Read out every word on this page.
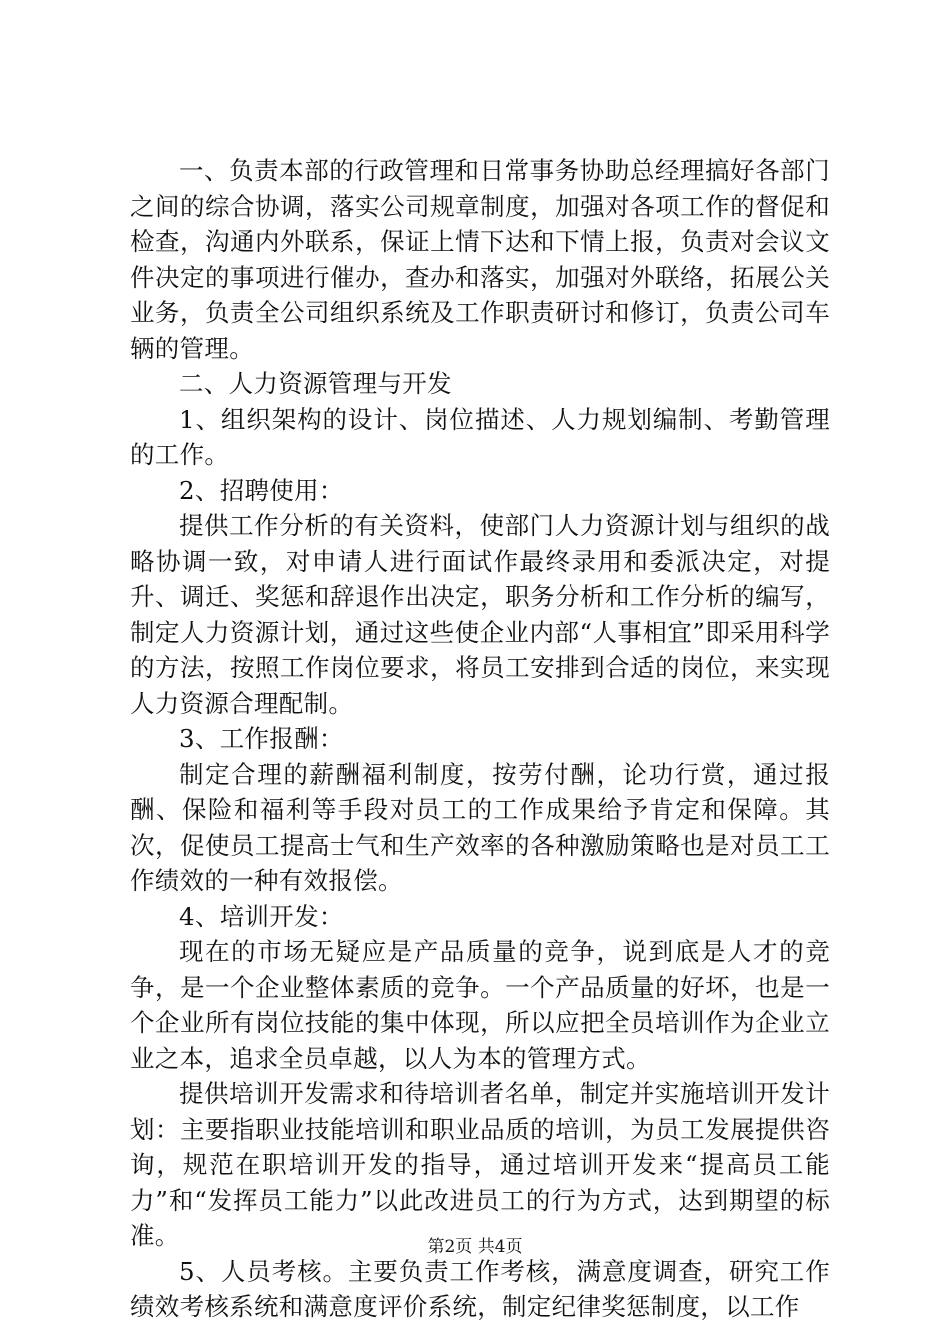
一、负责本部的行政管理和日常事务协助总经理搞好各部门之间的综合协调，落实公司规章制度，加强对各项工作的督促和检查，沟通内外联系，保证上情下达和下情上报，负责对会议文件决定的事项进行催办，查办和落实，加强对外联络，拓展公关业务，负责全公司组织系统及工作职责研讨和修订，负责公司车辆的管理。

二、人力资源管理与开发

1、组织架构的设计、岗位描述、人力规划编制、考勤管理的工作。

2、招聘使用：

提供工作分析的有关资料，使部门人力资源计划与组织的战略协调一致，对申请人进行面试作最终录用和委派决定，对提升、调迁、奖惩和辞退作出决定，职务分析和工作分析的编写，制定人力资源计划，通过这些使企业内部“人事相宜”即采用科学的方法，按照工作岗位要求，将员工安排到合适的岗位，来实现人力资源合理配制。

3、工作报酬：

制定合理的薪酬福利制度，按劳付酬，论功行赏，通过报酬、保险和福利等手段对员工的工作成果给予肯定和保障。其次，促使员工提高士气和生产效率的各种激励策略也是对员工工作绩效的一种有效报偿。

4、培训开发：

现在的市场无疑应是产品质量的竞争，说到底是人才的竞争，是一个企业整体素质的竞争。一个产品质量的好坏，也是一个企业所有岗位技能的集中体现，所以应把全员培训作为企业立业之本，追求全员卓越，以人为本的管理方式。

提供培训开发需求和待培训者名单，制定并实施培训开发计划：主要指职业技能培训和职业品质的培训，为员工发展提供咨询，规范在职培训开发的指导，通过培训开发来“提高员工能力”和“发挥员工能力”以此改进员工的行为方式，达到期望的标准。

5、人员考核。主要负责工作考核，满意度调查，研究工作绩效考核系统和满意度评价系统，制定纪律奖惩制度，以工作

第2页 共4页
